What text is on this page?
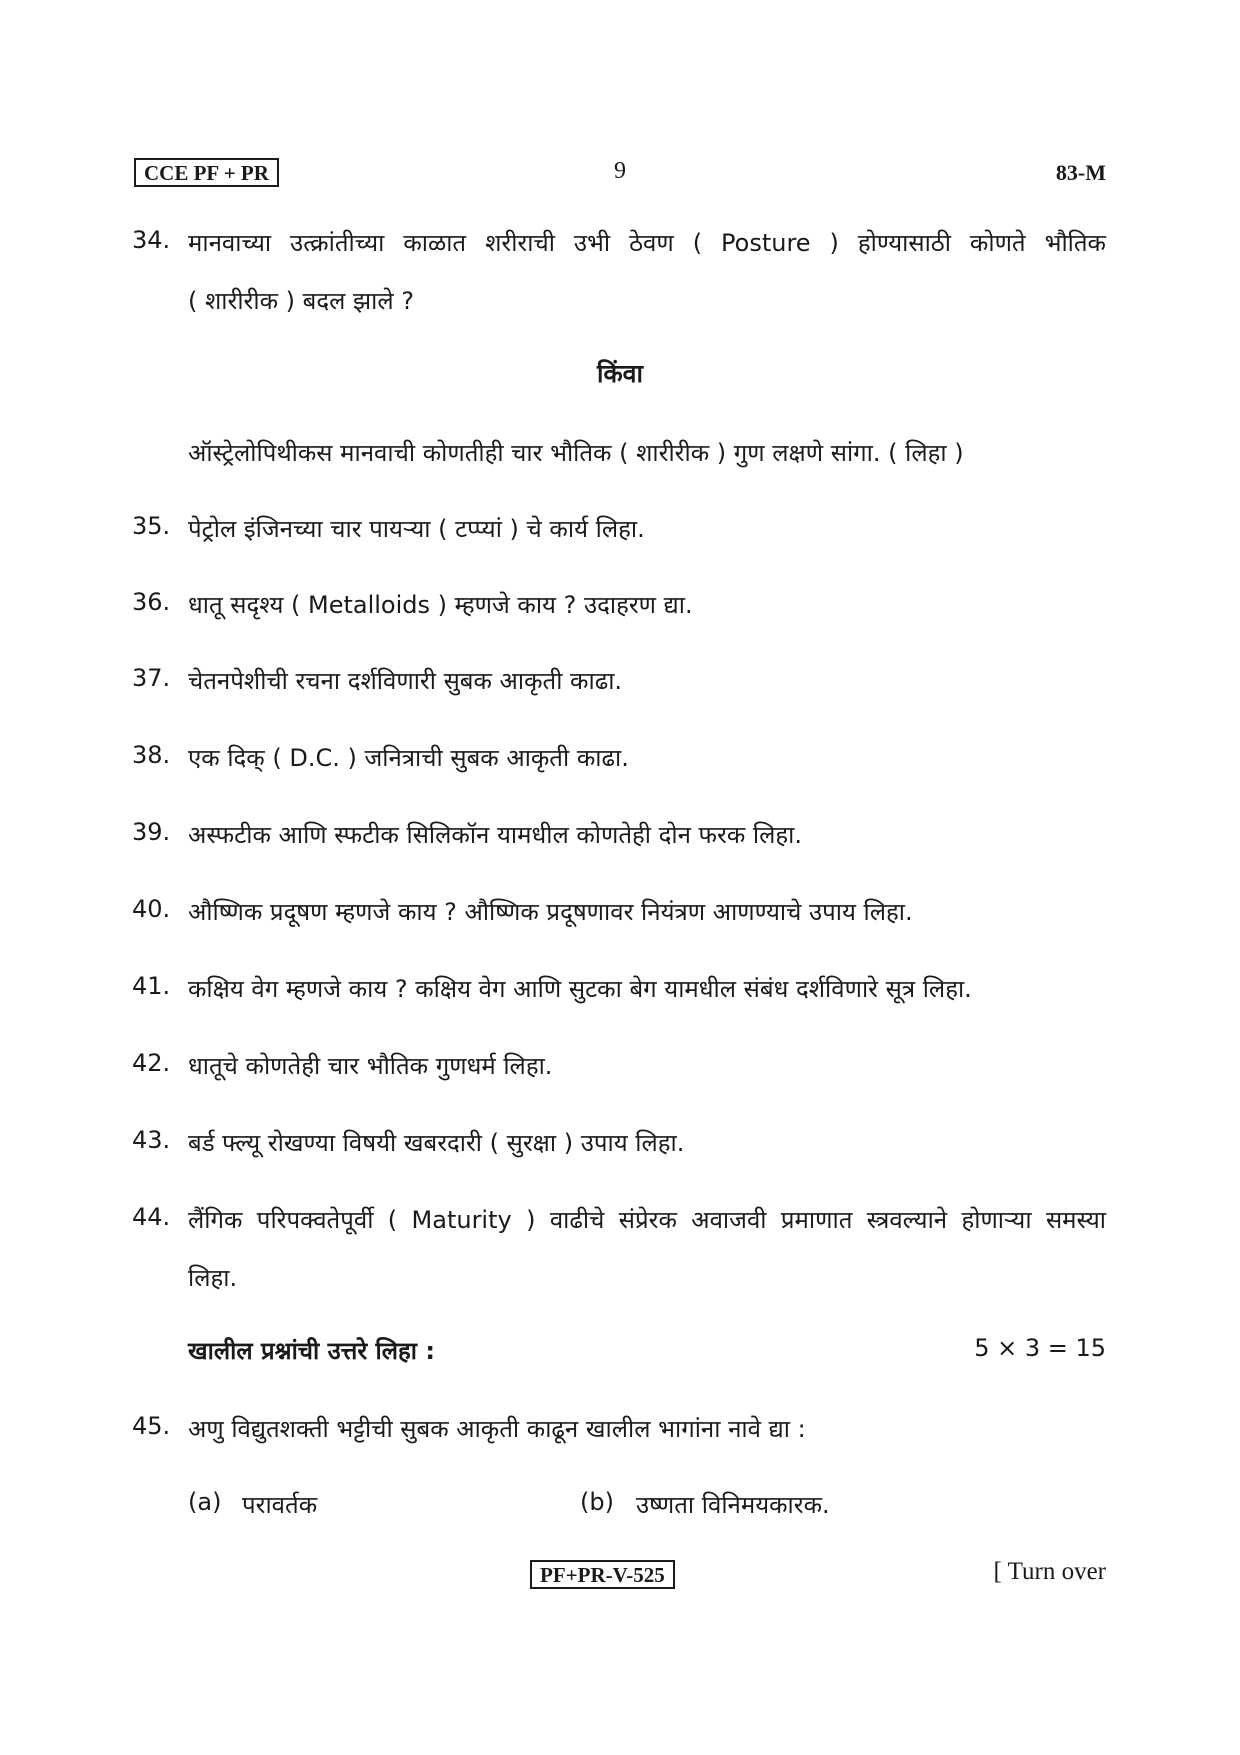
CCE PF + PR	9	83-M
34. मानवाच्या उत्क्रांतीच्या काळात शरीराची उभी ठेवण ( Posture ) होण्यासाठी कोणते भौतिक
( शारीरीक ) बदल झाले ?
किंवा
ऑस्ट्रेलोपिथीकस मानवाची कोणतीही चार भौतिक ( शारीरीक ) गुण लक्षणे सांगा. ( लिहा )
35. पेट्रोल इंजिनच्या चार पायऱ्या ( टप्प्यां ) चे कार्य लिहा.
36. धातू सदृश्य ( Metalloids ) म्हणजे काय ? उदाहरण द्या.
37. चेतनपेशीची रचना दर्शविणारी सुबक आकृती काढा.
38. एक दिक् ( D.C. ) जनित्राची सुबक आकृती काढा.
39. अस्फटीक आणि स्फटीक सिलिकॉन यामधील कोणतेही दोन फरक लिहा.
40. औष्णिक प्रदूषण म्हणजे काय ? औष्णिक प्रदूषणावर नियंत्रण आणण्याचे उपाय लिहा.
41. कक्षिय वेग म्हणजे काय ? कक्षिय वेग आणि सुटका बेग यामधील संबंध दर्शविणारे सूत्र लिहा.
42. धातूचे कोणतेही चार भौतिक गुणधर्म लिहा.
43. बर्ड फ्ल्यू रोखण्या विषयी खबरदारी ( सुरक्षा ) उपाय लिहा.
44. लैंगिक परिपक्वतेपूर्वी ( Maturity ) वाढीचे संप्रेरक अवाजवी प्रमाणात स्त्रवल्याने होणाऱ्या समस्या
लिहा.
खालील प्रश्नांची उत्तरे लिहा :	5 × 3 = 15
45. अणु विद्युतशक्ती भट्टीची सुबक आकृती काढून खालील भागांना नावे द्या :
(a) परावर्तक	(b) उष्णता विनिमयकारक.
PF+PR-V-525	[ Turn over
